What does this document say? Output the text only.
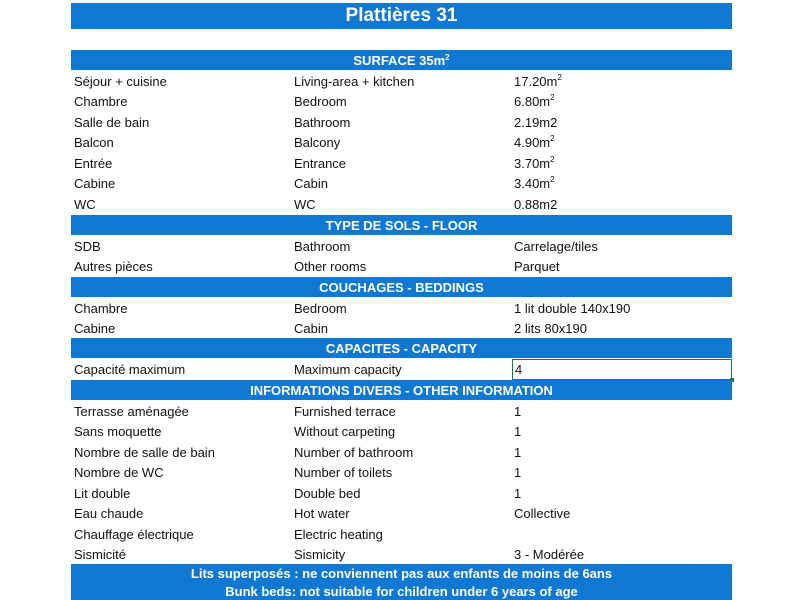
Plattières 31
SURFACE $35m^2$
Séjour + cuisine	Living-area + kitchen	17.20m 2
Chambre	Bedroom	6.80m 2
Salle de bain	Bathroom	2.19m2
Balcon	Balcony	4.90m 2
Entrée	Entrance	3.70m 2
Cabine	Cabin	3.40m 2
WC	WC	0.88m2
TYPE DE SOLS - FLOOR
SDB	Bathroom	Carrelage/tiles
Autres pièces	Other rooms	Parquet
COUCHAGES - BEDDINGS
Chambre	Bedroom	1 lit double 140x190
Cabine	Cabin	2 lits 80x190
CAPACITES - CAPACITY
Capacité maximum	Maximum capacity	4
INFORMATIONS DIVERS - OTHER INFORMATION
Terrasse aménagée	Furnished terrace	1
Sans moquette	Without carpeting	1
Nombre de salle de bain	Number of bathroom	1
Nombre de WC	Number of toilets	1
Lit double	Double bed	1
Eau chaude	Hot water	Collective
Chauffage électrique	Electric heating
Sismicité	Sismicity	3 - Modérée
Lits superposés : ne conviennent pas aux enfants de moins de 6ans
Bunk beds: not suitable for children under 6 years of age
